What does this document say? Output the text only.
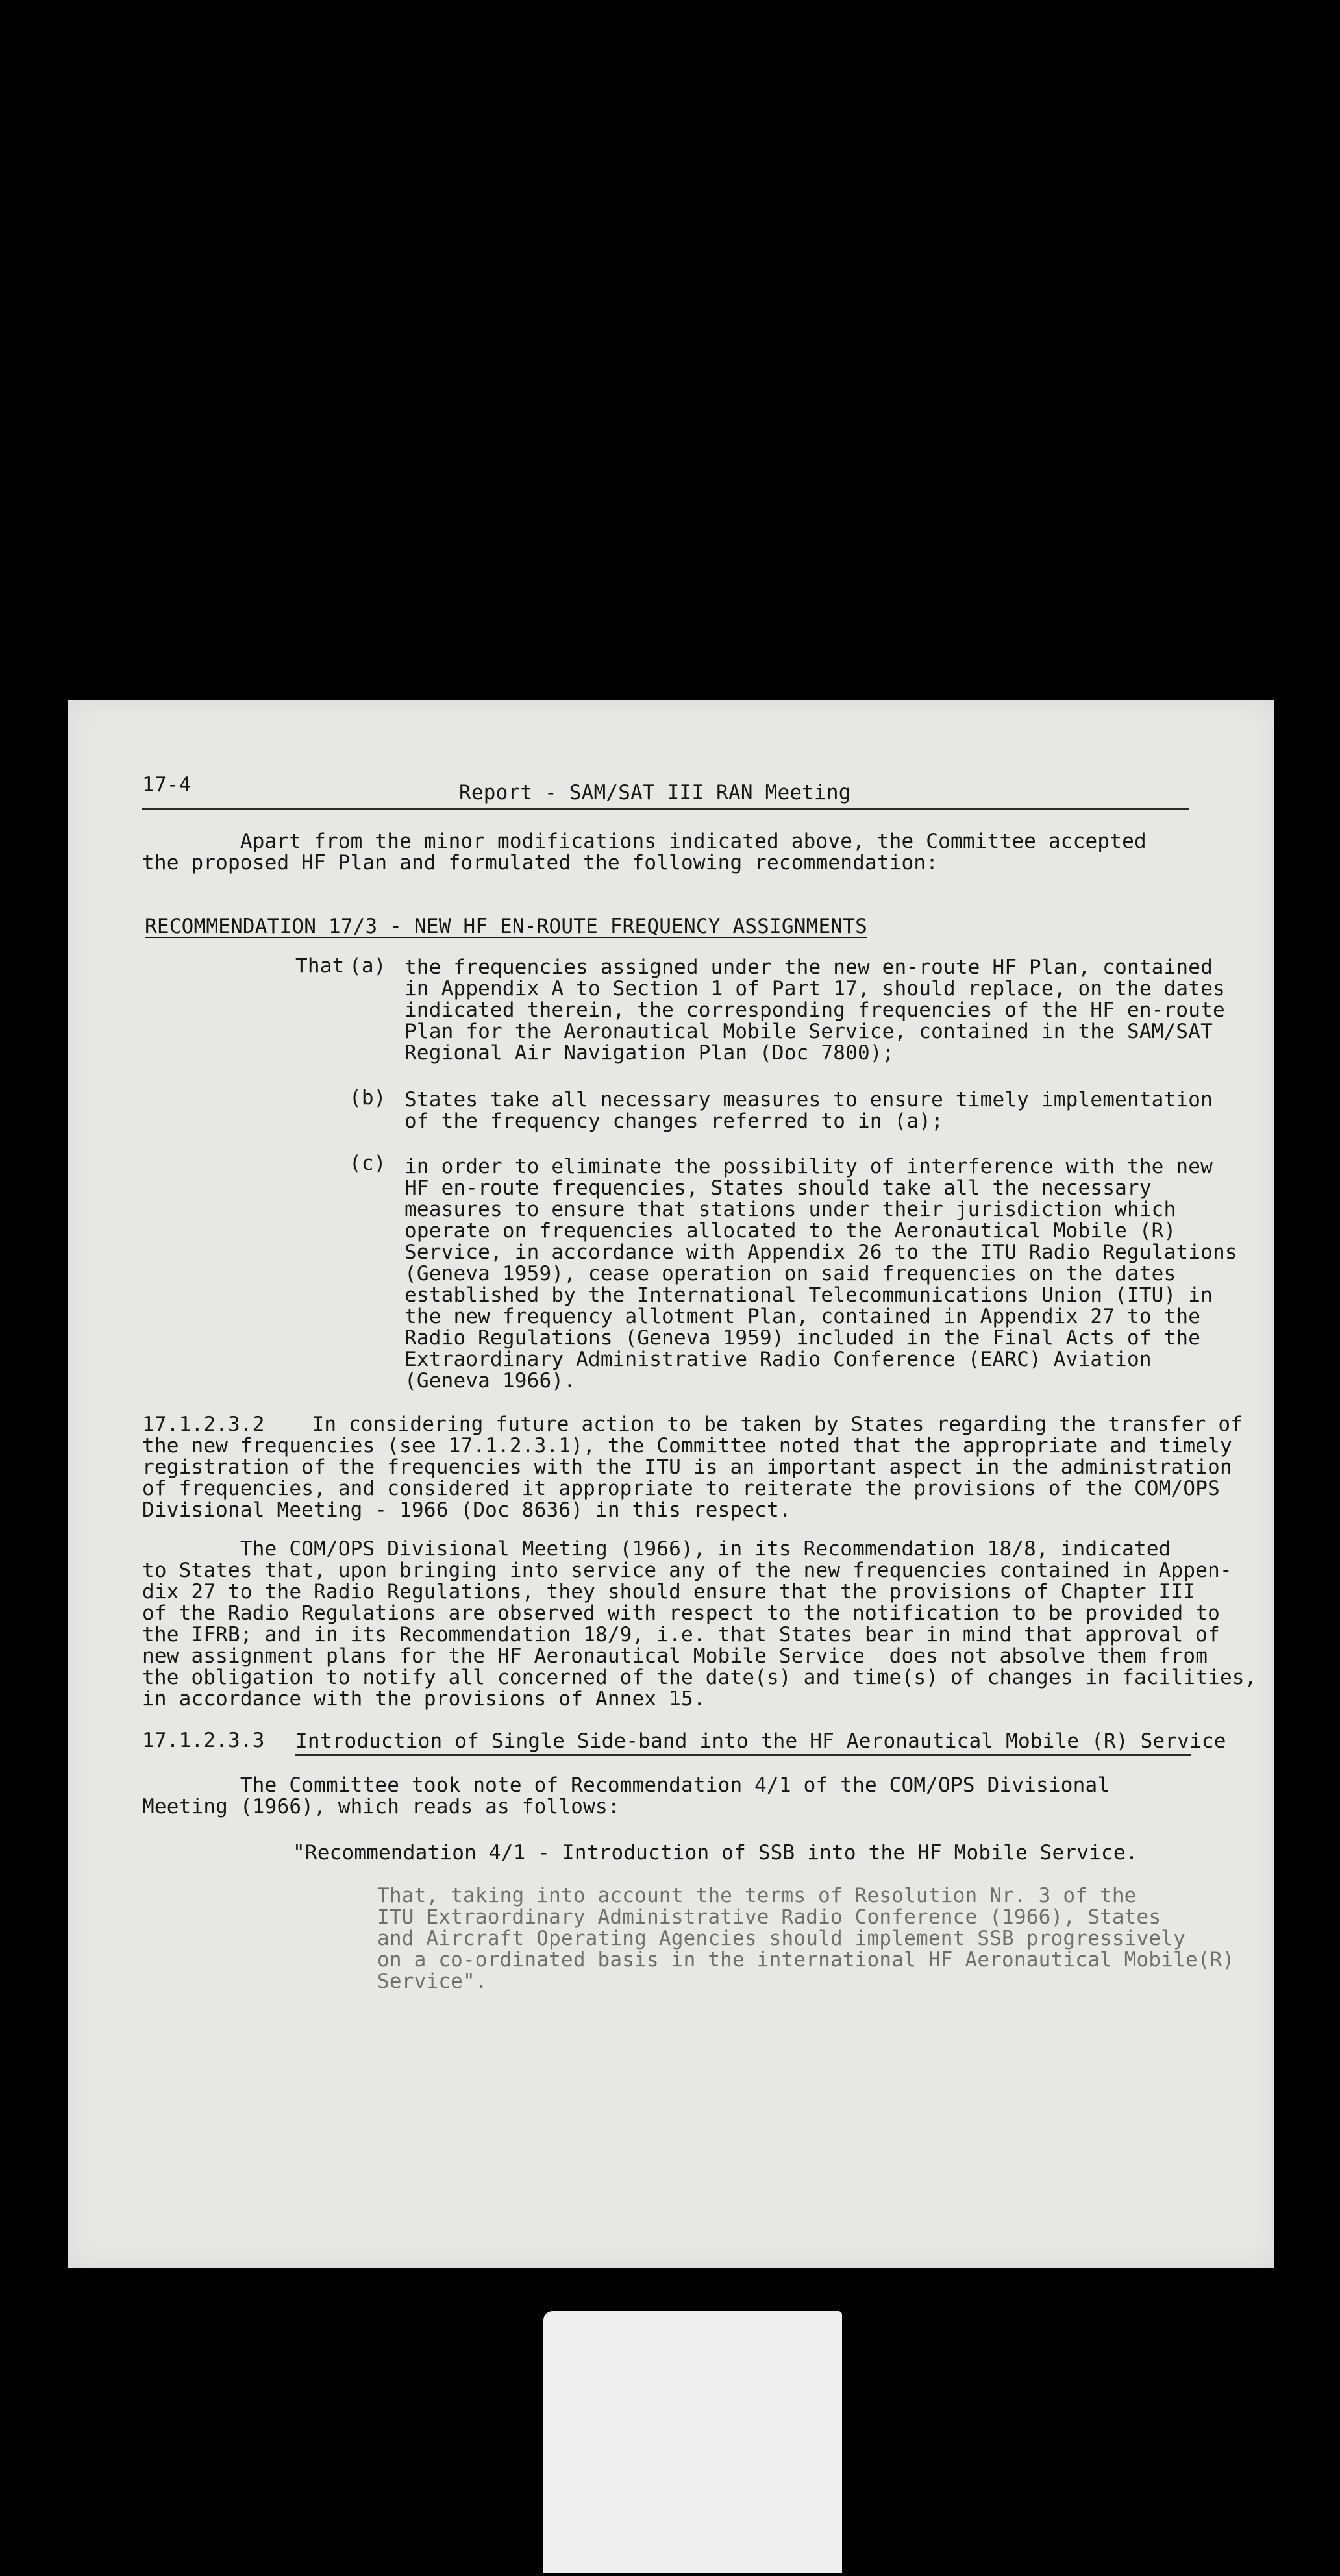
17-4	Report - SAM/SAT III RAN Meeting
Apart from the minor modifications indicated above, the Committee accepted
the proposed HF Plan and formulated the following recommendation:
RECOMMENDATION 17/3 - NEW HF EN-ROUTE FREQUENCY ASSIGNMENTS
That (a) the frequencies assigned under the new en-route HF Plan, contained
in Appendix A to Section 1 of Part 17, should replace, on the dates
indicated therein, the corresponding frequencies of the HF en-route
Plan for the Aeronautical Mobile Service, contained in the SAM/SAT
Regional Air Navigation Plan (Doc 7800);
(b) States take all necessary measures to ensure timely implementation
of the frequency changes referred to in (a);
(c) in order to eliminate the possibility of interference with the new
HF en-route frequencies, States should take all the necessary
measures to ensure that stations under their jurisdiction which
operate on frequencies allocated to the Aeronautical Mobile (R)
Service, in accordance with Appendix 26 to the ITU Radio Regulations
(Geneva 1959), cease operation on said frequencies on the dates
established by the International Telecommunications Union (ITU) in
the new frequency allotment Plan, contained in Appendix 27 to the
Radio Regulations (Geneva 1959) included in the Final Acts of the
Extraordinary Administrative Radio Conference (EARC) Aviation
(Geneva 1966).
17.1.2.3.2
In considering future action to be taken by States regarding the transfer of
the new frequencies (see 17.1.2.3.1), the Committee noted that the appropriate and timely
registration of the frequencies with the ITU is an important aspect in the administration
of frequencies, and considered it appropriate to reiterate the provisions of the COM/OPS
Divisional Meeting - 1966 (Doc 8636) in this respect.
The COM/OPS Divisional Meeting (1966), in its Recommendation 18/8, indicated
to States that, upon bringing into service any of the new frequencies contained in Appen-
dix 27 to the Radio Regulations, they should ensure that the provisions of Chapter III
of the Radio Regulations are observed with respect to the notification to be provided to
the IFRB; and in its Recommendation 18/9, i.e. that States bear in mind that approval of
new assignment plans for the HF Aeronautical Mobile Service  does not absolve them from
the obligation to notify all concerned of the date(s) and time(s) of changes in facilities,
in accordance with the provisions of Annex 15.
17.1.2.3.3 Introduction of Single Side-band into the HF Aeronautical Mobile (R) Service
The Committee took note of Recommendation 4/1 of the COM/OPS Divisional
Meeting (1966), which reads as follows:
"Recommendation 4/1 - Introduction of SSB into the HF Mobile Service.
That, taking into account the terms of Resolution Nr. 3 of the
ITU Extraordinary Administrative Radio Conference (1966), States
and Aircraft Operating Agencies should implement SSB progressively
on a co-ordinated basis in the international HF Aeronautical Mobile(R)
Service".
